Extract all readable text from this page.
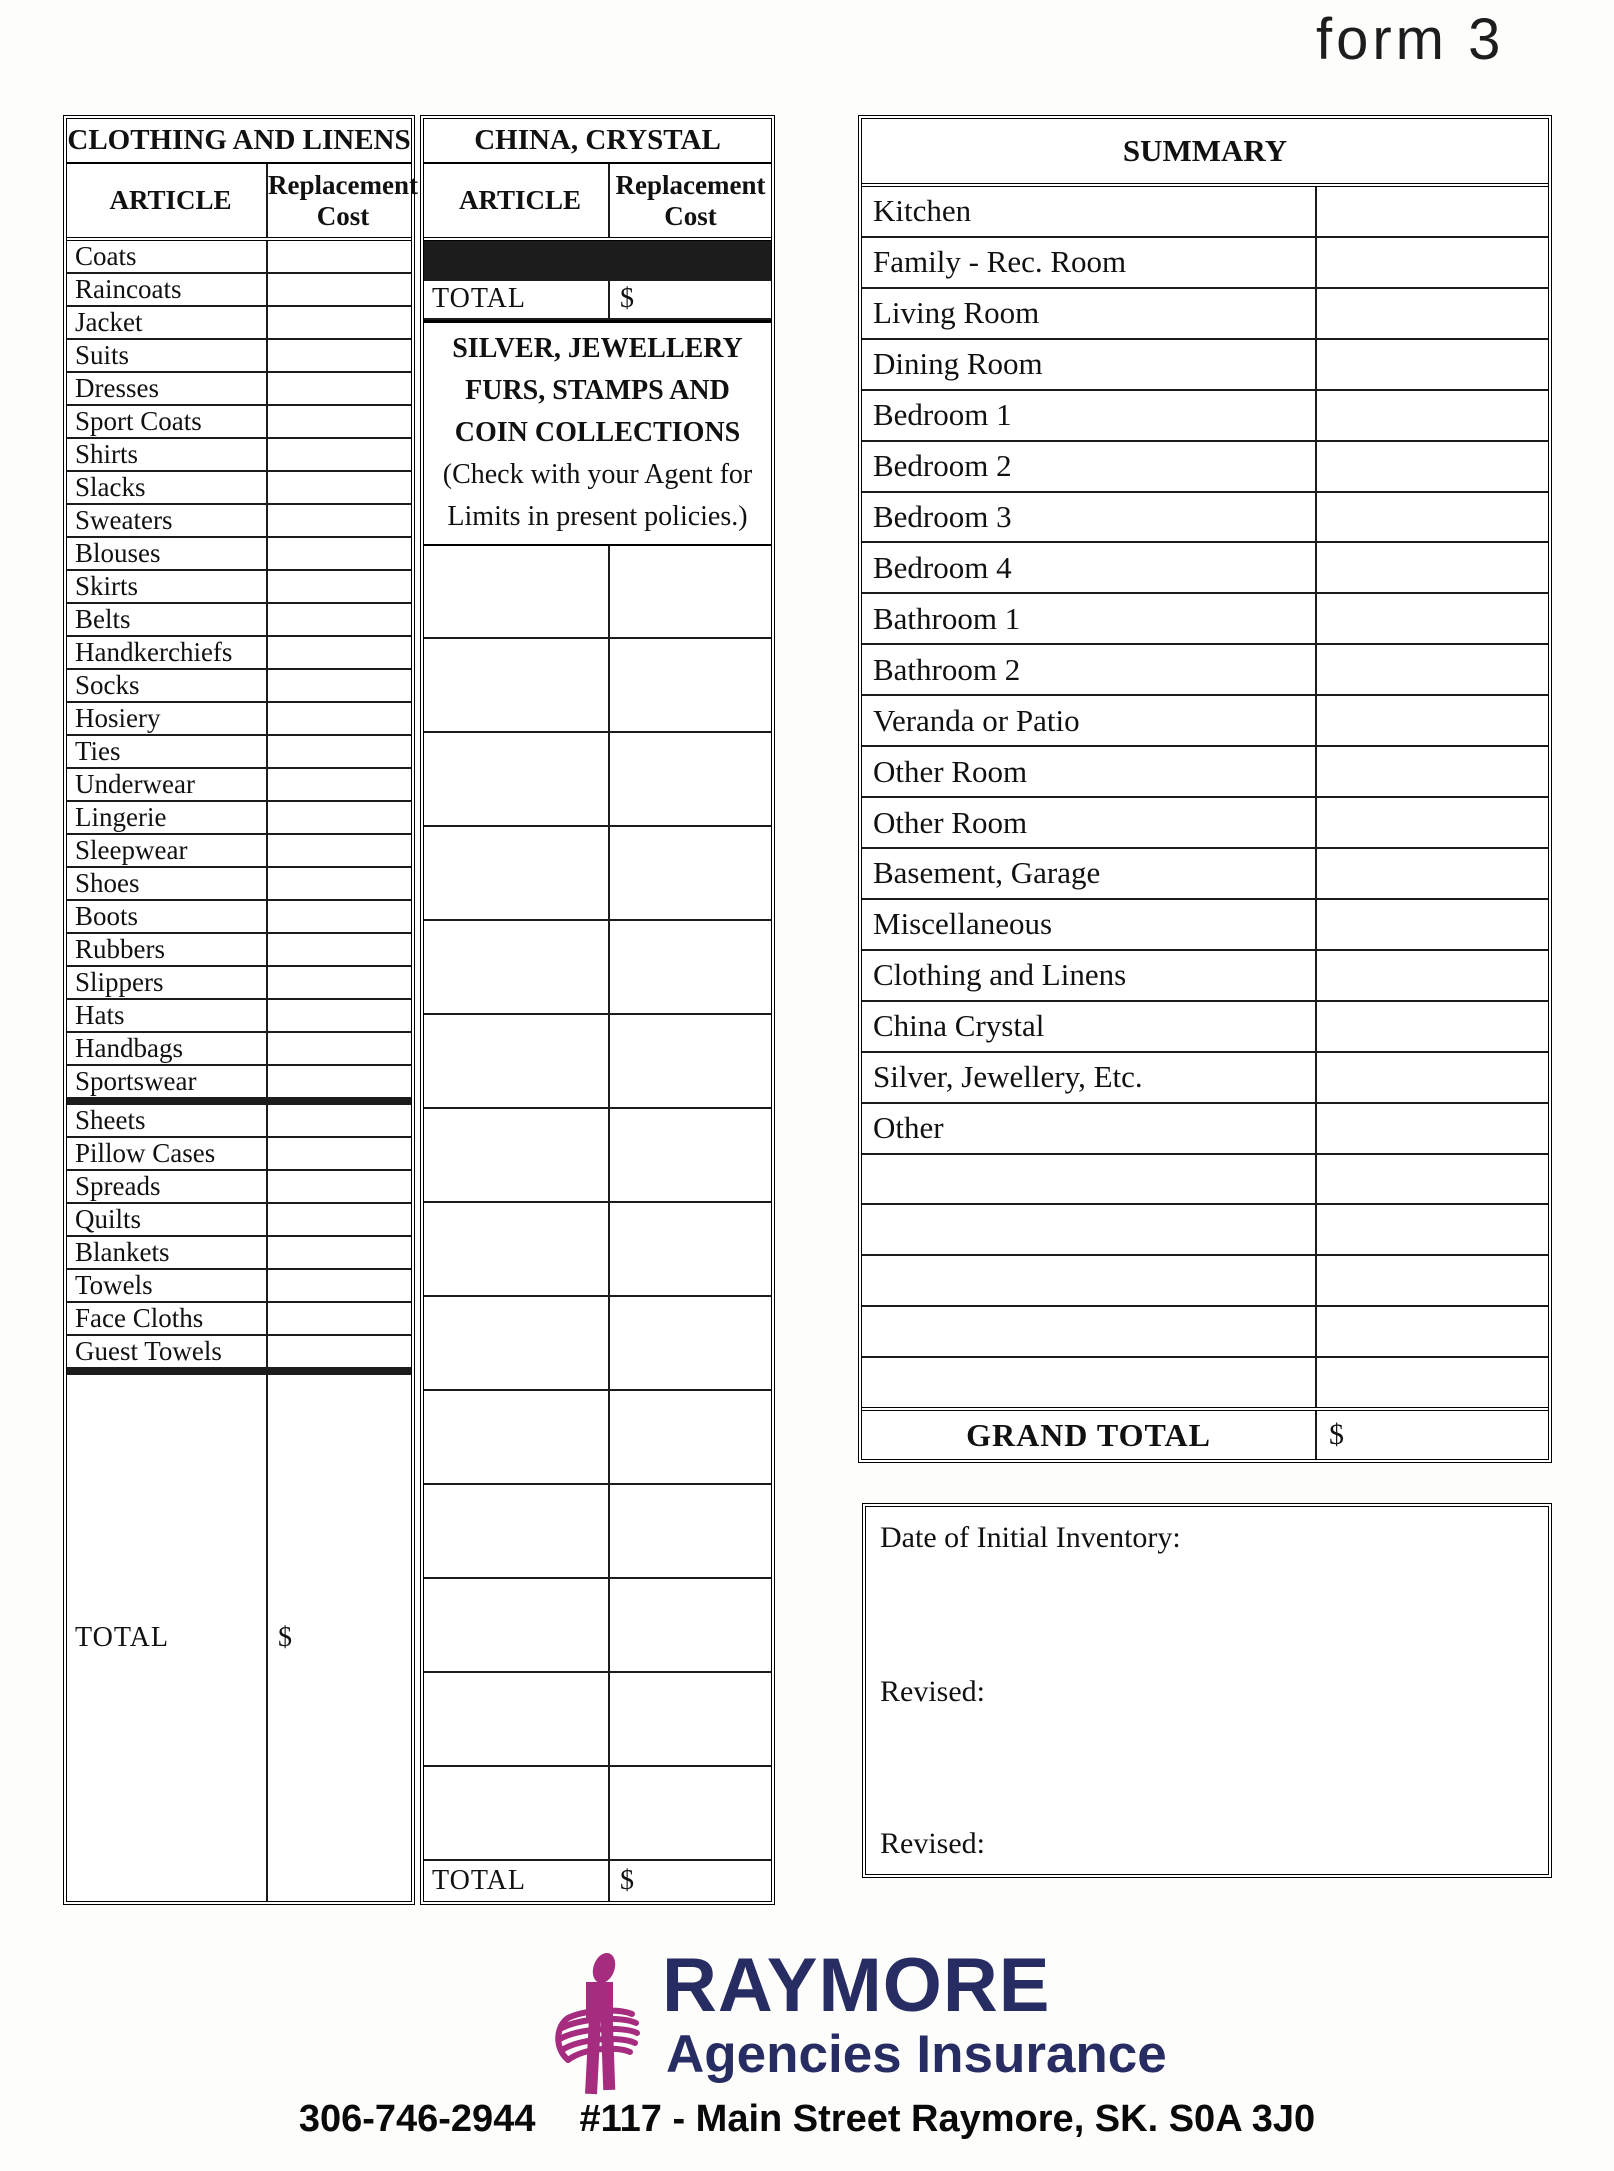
form 3
CLOTHING AND LINENS
ARTICLE
Replacement Cost
Coats
Raincoats
Jacket
Suits
Dresses
Sport Coats
Shirts
Slacks
Sweaters
Blouses
Skirts
Belts
Handkerchiefs
Socks
Hosiery
Ties
Underwear
Lingerie
Sleepwear
Shoes
Boots
Rubbers
Slippers
Hats
Handbags
Sportswear
Sheets
Pillow Cases
Spreads
Quilts
Blankets
Towels
Face Cloths
Guest Towels
TOTAL	$
CHINA, CRYSTAL
ARTICLE
Replacement Cost
TOTAL	$
SILVER, JEWELLERY
FURS, STAMPS AND
COIN COLLECTIONS
(Check with your Agent for
Limits in present policies.)
TOTAL	$
SUMMARY
Kitchen
Family - Rec. Room
Living Room
Dining Room
Bedroom 1
Bedroom 2
Bedroom 3
Bedroom 4
Bathroom 1
Bathroom 2
Veranda or Patio
Other Room
Other Room
Basement, Garage
Miscellaneous
Clothing and Linens
China Crystal
Silver, Jewellery, Etc.
Other
GRAND TOTAL	$
Date of Initial Inventory:
Revised:
Revised:
RAYMORE
Agencies Insurance
306-746-2944 #117 - Main Street Raymore, SK. S0A 3J0
